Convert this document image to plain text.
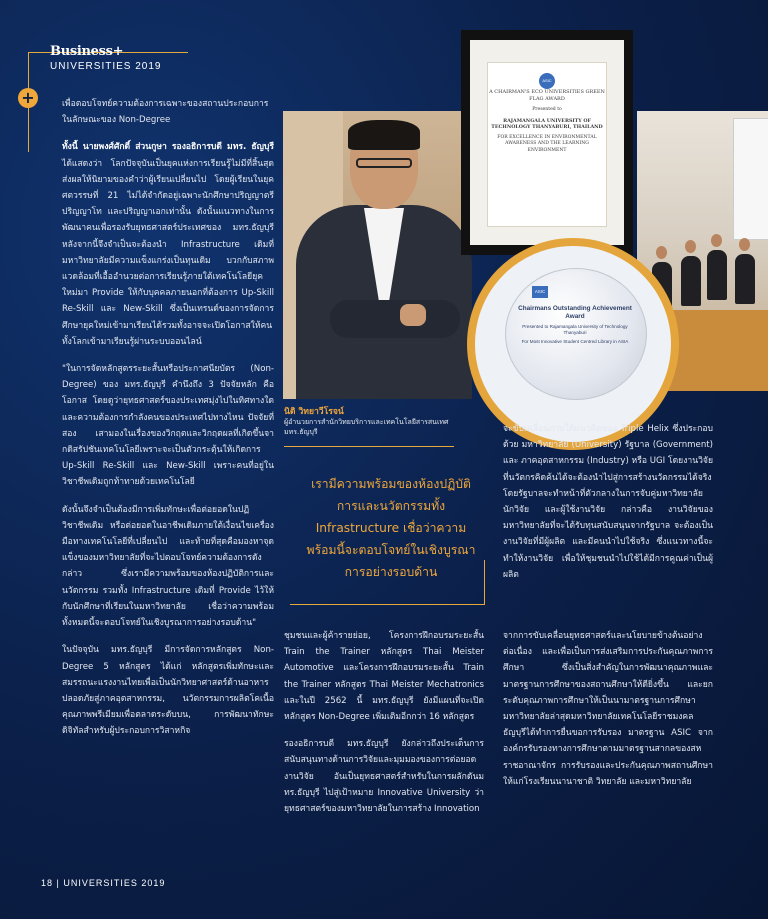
Business+
UNIVERSITIES 2019
+	เพื่อตอบโจทย์ความต้องการเฉพาะของสถานประกอบการในลักษณะของ Non-Degree

ทั้งนี้ นายพงศ์ศักดิ์ ส่วนกูษา รองอธิการบดี มทร. ธัญบุรี ได้แสดงว่า โลกปัจจุบันเป็นยุคแห่งการเรียนรู้ไม่มีที่สิ้นสุด ส่งผลให้นิยามของคำว่าผู้เรียนเปลี่ยนไป โดยผู้เรียนในยุคศตวรรษที่ 21 ไม่ได้จำกัดอยู่เฉพาะนักศึกษาปริญญาตรี ปริญญาโท และปริญญาเอกเท่านั้น ดังนั้นแนวทางในการพัฒนาคนเพื่อรองรับยุทธศาสตร์ประเทศของ มทร.ธัญบุรี หลังจากนี้จึงจำเป็นจะต้องนำ Infrastructure เดิมที่มหาวิทยาลัยมีความแข็งแกร่งเป็นทุนเดิม บวกกับสภาพแวดล้อมที่เอื้ออำนวยต่อการเรียนรู้ภายใต้เทคโนโลยียุคใหม่มา Provide ให้กับบุคคลภายนอกที่ต้องการ Up-Skill Re-Skill และ New-Skill ซึ่งเป็นเทรนด์ของการจัดการศึกษายุคใหม่เข้ามาเรียนได้รวมทั้งอาจจะเปิดโอกาสให้คนทั้งโลกเข้ามาเรียนรู้ผ่านระบบออนไลน์

"ในการจัดหลักสูตรระยะสั้นหรือประกาศนียบัตร (Non-Degree) ของ มทร.ธัญบุรี คำนึงถึง 3 ปัจจัยหลัก คือ โอกาส โดยดูว่ายุทธศาสตร์ของประเทศมุ่งไปในทิศทางใด และความต้องการกำลังคนของประเทศไปทางไหน ปัจจัยที่สอง เสามองในเรื่องของวิกฤตและวิกฤตผลที่เกิดขึ้นจากดิสรัปชันเทคโนโลยีเพราะจะเป็นตัวกระตุ้นให้เกิดการ Up-Skill Re-Skill และ New-Skill เพราะคนที่อยู่ในวิชาชีพเดิมถูกท้าทายด้วยเทคโนโลยี

ดังนั้นจึงจำเป็นต้องมีการเพิ่มทักษะเพื่อต่อยอดในปฏิวิชาชีพเดิม หรือต่อยอดในอาชีพเดิมภายใต้เงื่อนไขเครื่องมือทางเทคโนโลยีที่เปลี่ยนไป และท้ายที่สุดคือมองหาจุดแข็งของมหาวิทยาลัยที่จะไปตอบโจทย์ความต้องการดังกล่าว ซึ่งเรามีความพร้อมของห้องปฏิบัติการและนวัตกรรม รวมทั้ง Infrastructure เดิมที่ Provide ไว้ให้กับนักศึกษาที่เรียนในมหาวิทยาลัย เชื่อว่าความพร้อมทั้งหมดนี้จะตอบโจทย์ในเชิงบูรณาการอย่างรอบด้าน"

ในปัจจุบัน มทร.ธัญบุรี มีการจัดการหลักสูตร Non-Degree 5 หลักสูตร ได้แก่ หลักสูตรเพิ่มทักษะและสมรรถนะแรงงานไทยเพื่อเป็นนักวิทยาศาสตร์ด้านอาหารปลอดภัยสู่ภาคอุตสาหกรรม, นวัตกรรมการผลิตโคเนื้อคุณภาพพรีเมียมเพื่อตลาดระดับบน, การพัฒนาทักษะดิจิทัลสำหรับผู้ประกอบการวิสาหกิจ

ASIC
A CHAIRMAN'S ECO UNIVERSITIES GREEN FLAG AWARD
Presented to
RAJAMANGALA UNIVERSITY OF TECHNOLOGY THANYABURI, THAILAND
FOR EXCELLENCE IN ENVIRONMENTAL AWARENESS AND THE LEARNING ENVIRONMENT
ASIC
Chairmans Outstanding Achievement Award
Presented to Rajamangala University of Technology Thanyaburi
For Most Innovative Student Centred Library in ASIA
นิติ วิทยาวีโรจน์
ผู้อำนวยการสำนักวิทยบริการและเทคโนโลยีสารสนเทศ มทร.ธัญบุรี
เรามีความพร้อมของห้องปฏิบัติการและนวัตกรรมทั้ง Infrastructure เชื่อว่าความพร้อมนี้จะตอบโจทย์ในเชิงบูรณาการอย่างรอบด้าน

ชุมชนและผู้ค้ารายย่อย, โครงการฝึกอบรมระยะสั้น Train the Trainer หลักสูตร Thai Meister Automotive และโครงการฝึกอบรมระยะสั้น Train the Trainer หลักสูตร Thai Meister Mechatronics และในปี 2562 นี้ มทร.ธัญบุรี ยังมีแผนที่จะเปิดหลักสูตร Non-Degree เพิ่มเติมอีกกว่า 16 หลักสูตร

รองอธิการบดี มทร.ธัญบุรี ยังกล่าวถึงประเด็นการสนับสนุนทางด้านการวิจัยและมุมมองของการต่อยอดงานวิจัย อันเป็นยุทธศาสตร์สำหรับในการผลักดันมทร.ธัญบุรี ไปสู่เป้าหมาย Innovative University ว่ายุทธศาสตร์ของมหาวิทยาลัยในการสร้าง Innovation

จะขับเคลื่อนภายใต้แนวคิดของ Triple Helix ซึ่งประกอบด้วย มหาวิทยาลัย (University) รัฐบาล (Government) และ ภาคอุตสาหกรรม (Industry) หรือ UGI โดยงานวิจัยที่นวัตกรคิดค้นได้จะต้องนำไปสู่การสร้างนวัตกรรมได้จริง โดยรัฐบาลจะทำหน้าที่ตัวกลางในการจับคู่มหาวิทยาลัย นักวิจัย และผู้ใช้งานวิจัย กล่าวคือ งานวิจัยของมหาวิทยาลัยที่จะได้รับทุนสนับสนุนจากรัฐบาล จะต้องเป็นงานวิจัยที่มีผู้ผลิต และมีคนนำไปใช้จริง ซึ่งแนวทางนี้จะทำให้งานวิจัย เพื่อให้ชุมชนนำไปใช้ได้มีการคูณค่าเป็นผู้ผลิต

จากการขับเคลื่อนยุทธศาสตร์และนโยบายข้างต้นอย่างต่อเนื่อง และเพื่อเป็นการส่งเสริมการประกันคุณภาพการศึกษา ซึ่งเป็นสิ่งสำคัญในการพัฒนาคุณภาพและมาตรฐานการศึกษาของสถานศึกษาให้ดียิ่งขึ้น และยกระดับคุณภาพการศึกษาให้เป็นนามาตรฐานการศึกษามหาวิทยาลัยล่าสุดมหาวิทยาลัยเทคโนโลยีราชมงคลธัญบุรีได้ทำการยื่นขอการรับรอง มาตรฐาน ASIC จากองค์กรรับรองทางการศึกษาตามมาตรฐานสากลของสหราชอาณาจักร การรับรองและประกันคุณภาพสถานศึกษาให้แก่โรงเรียนนานาชาติ วิทยาลัย และมหาวิทยาลัย

18 | UNIVERSITIES 2019
